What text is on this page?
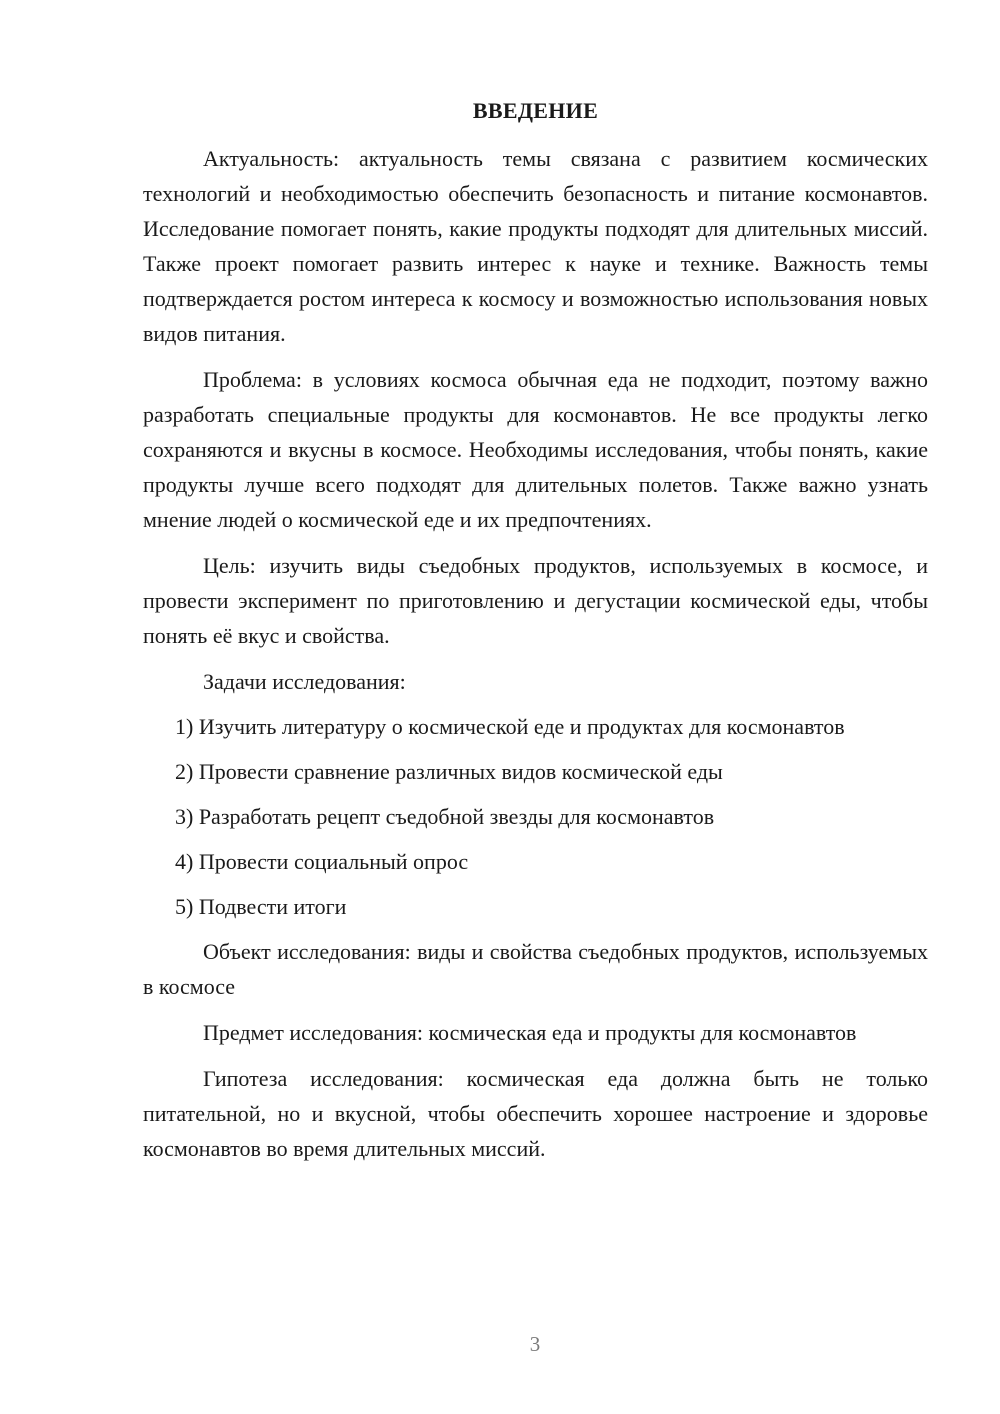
ВВЕДЕНИЕ

Актуальность: актуальность темы связана с развитием космических технологий и необходимостью обеспечить безопасность и питание космонавтов. Исследование помогает понять, какие продукты подходят для длительных миссий. Также проект помогает развить интерес к науке и технике. Важность темы подтверждается ростом интереса к космосу и возможностью использования новых видов питания.

Проблема: в условиях космоса обычная еда не подходит, поэтому важно разработать специальные продукты для космонавтов. Не все продукты легко сохраняются и вкусны в космосе. Необходимы исследования, чтобы понять, какие продукты лучше всего подходят для длительных полетов. Также важно узнать мнение людей о космической еде и их предпочтениях.

Цель: изучить виды съедобных продуктов, используемых в космосе, и провести эксперимент по приготовлению и дегустации космической еды, чтобы понять её вкус и свойства.

Задачи исследования:

1) Изучить литературу о космической еде и продуктах для космонавтов

2) Провести сравнение различных видов космической еды

3) Разработать рецепт съедобной звезды для космонавтов

4) Провести социальный опрос

5) Подвести итоги

Объект исследования: виды и свойства съедобных продуктов, используемых в космосе

Предмет исследования: космическая еда и продукты для космонавтов

Гипотеза исследования: космическая еда должна быть не только питательной, но и вкусной, чтобы обеспечить хорошее настроение и здоровье космонавтов во время длительных миссий.

3
